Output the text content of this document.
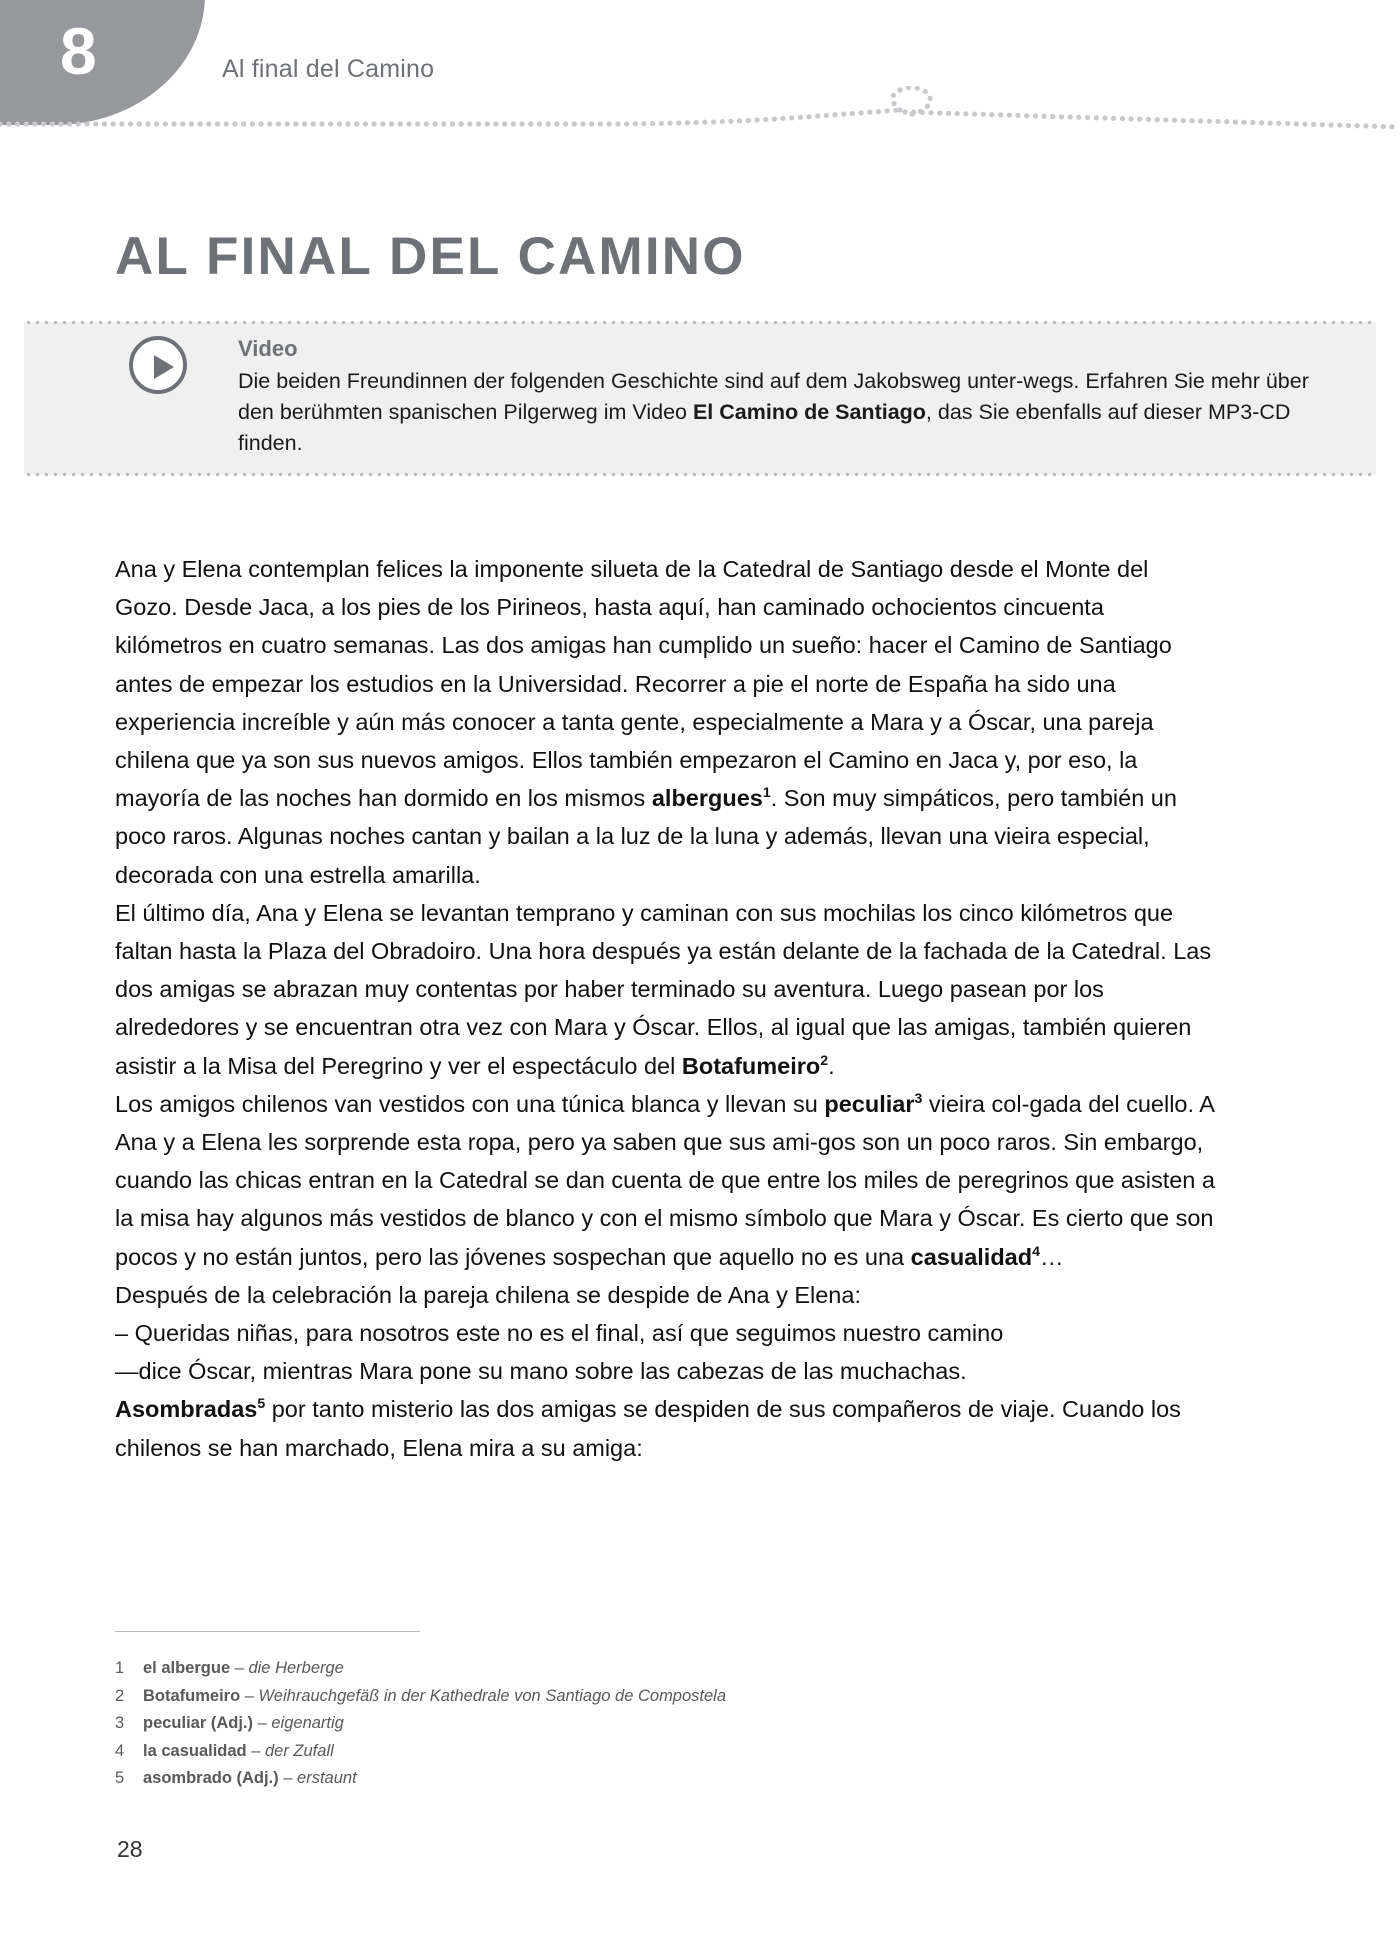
8	Al final del Camino
AL FINAL DEL CAMINO
Video
Die beiden Freundinnen der folgenden Geschichte sind auf dem Jakobsweg unter-wegs. Erfahren Sie mehr über den berühmten spanischen Pilgerweg im Video El Camino de Santiago, das Sie ebenfalls auf dieser MP3-CD finden.

Ana y Elena contemplan felices la imponente silueta de la Catedral de Santiago desde el Monte del Gozo. Desde Jaca, a los pies de los Pirineos, hasta aquí, han caminado ochocientos cincuenta kilómetros en cuatro semanas. Las dos amigas han cumplido un sueño: hacer el Camino de Santiago antes de empezar los estudios en la Universidad. Recorrer a pie el norte de España ha sido una experiencia increíble y aún más conocer a tanta gente, especialmente a Mara y a Óscar, una pareja chilena que ya son sus nuevos amigos. Ellos también empezaron el Camino en Jaca y, por eso, la mayoría de las noches han dormido en los mismos albergues$^1$. Son muy simpáticos, pero también un poco raros. Algunas noches cantan y bailan a la luz de la luna y además, llevan una vieira especial, decorada con una estrella amarilla.

El último día, Ana y Elena se levantan temprano y caminan con sus mochilas los cinco kilómetros que faltan hasta la Plaza del Obradoiro. Una hora después ya están delante de la fachada de la Catedral. Las dos amigas se abrazan muy contentas por haber terminado su aventura. Luego pasean por los alrededores y se encuentran otra vez con Mara y Óscar. Ellos, al igual que las amigas, también quieren asistir a la Misa del Peregrino y ver el espectáculo del Botafumeiro$^2$.

Los amigos chilenos van vestidos con una túnica blanca y llevan su peculiar$^3$ vieira col-gada del cuello. A Ana y a Elena les sorprende esta ropa, pero ya saben que sus ami-gos son un poco raros. Sin embargo, cuando las chicas entran en la Catedral se dan cuenta de que entre los miles de peregrinos que asisten a la misa hay algunos más vestidos de blanco y con el mismo símbolo que Mara y Óscar. Es cierto que son pocos y no están juntos, pero las jóvenes sospechan que aquello no es una casualidad$^4$…

Después de la celebración la pareja chilena se despide de Ana y Elena:

– Queridas niñas, para nosotros este no es el final, así que seguimos nuestro camino

—dice Óscar, mientras Mara pone su mano sobre las cabezas de las muchachas.

Asombradas$^5$ por tanto misterio las dos amigas se despiden de sus compañeros de viaje. Cuando los chilenos se han marchado, Elena mira a su amiga:

1	el albergue – die Herberge
2	Botafumeiro – Weihrauchgefäß in der Kathedrale von Santiago de Compostela
3	peculiar (Adj.) – eigenartig
4	la casualidad – der Zufall
5	asombrado (Adj.) – erstaunt
28
